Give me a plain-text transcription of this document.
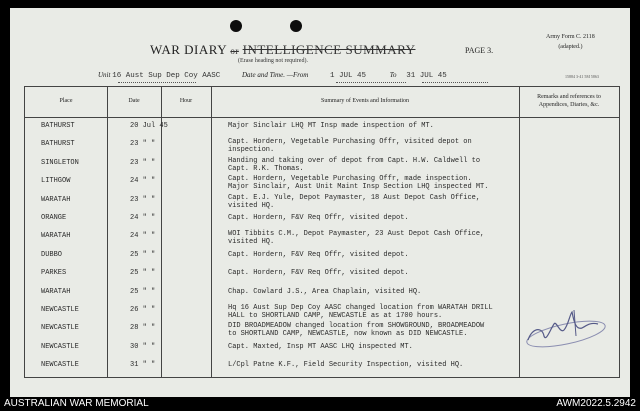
WAR DIARY or INTELLIGENCE SUMMARY
(Erase heading not required).
PAGE 3.
Army Form C. 2118
(adapted.)
Unit 16 Aust Sup Dep Coy AASC	Date and Time. —From	1 JUL 45	To 31 JUL 45	15884 3-41 5M 5863
Place	Date	Hour	Summary of Events and Information
Remarks and references to Appendices, Diaries, &c.
BATHURST	20 Jul 45	Major Sinclair LHQ MT Insp made inspection of MT.
BATHURST	23 " "	Capt. Hordern, Vegetable Purchasing Offr, visited depot on
inspection.
SINGLETON	23 " "	Handing and taking over of depot from Capt. H.W. Caldwell to
Capt. R.K. Thomas.
LITHGOW	24 " "	Capt. Hordern, Vegetable Purchasing Offr, made inspection.
Major Sinclair, Aust Unit Maint Insp Section LHQ inspected MT.
WARATAH	23 " "	Capt. E.J. Yule, Depot Paymaster, 18 Aust Depot Cash Office,
visited HQ.
ORANGE	24 " "	Capt. Hordern, F&V Req Offr, visited depot.
WARATAH	24 " "	WOI Tibbits C.M., Depot Paymaster, 23 Aust Depot Cash Office,
visited HQ.
DUBBO	25 " "	Capt. Hordern, F&V Req Offr, visited depot.
PARKES	25 " "	Capt. Hordern, F&V Req Offr, visited depot.
WARATAH	25 " "	Chap. Cowlard J.S., Area Chaplain, visited HQ.
NEWCASTLE	26 " "	Hq 16 Aust Sup Dep Coy AASC changed location from WARATAH DRILL
HALL to SHORTLAND CAMP, NEWCASTLE as at 1700 hours.
NEWCASTLE	28 " "	DID BROADMEADOW changed location from SHOWGROUND, BROADMEADOW
to SHORTLAND CAMP, NEWCASTLE, now known as DID NEWCASTLE.
NEWCASTLE	30 " "	Capt. Maxted, Insp MT AASC LHQ inspected MT.
NEWCASTLE	31 " "	L/Cpl Patne K.F., Field Security Inspection, visited HQ.
AUSTRALIAN WAR MEMORIAL	AWM2022.5.2942
